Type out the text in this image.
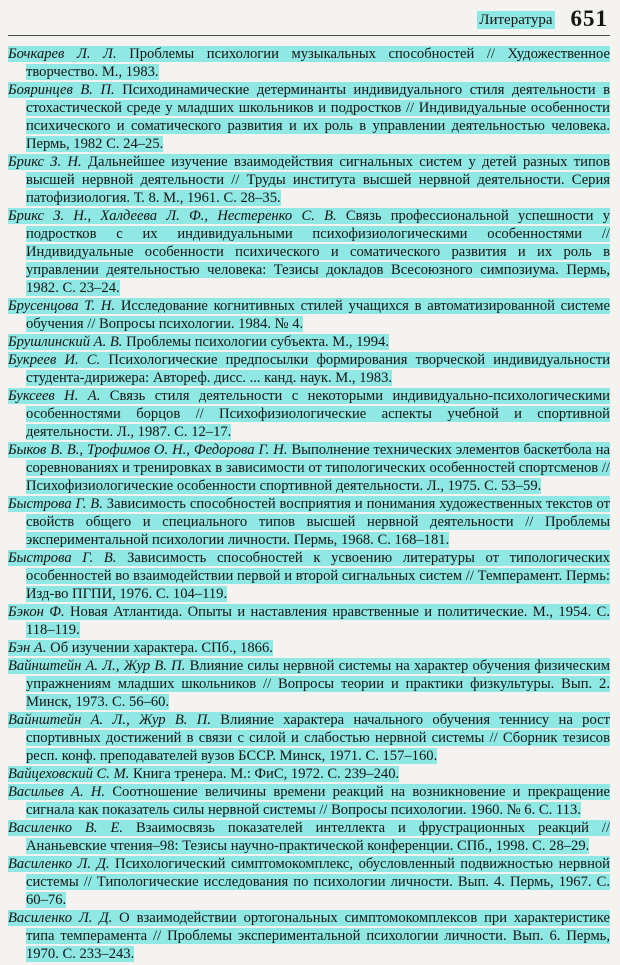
Литература 651

Бочкарев Л. Л. Проблемы психологии музыкальных способностей // Художественное творчество. М., 1983.

Бояринцев В. П. Психодинамические детерминанты индивидуального стиля деятельности в стохастической среде у младших школьников и подростков // Индивидуальные особенности психического и соматического развития и их роль в управлении деятельностью человека. Пермь, 1982 С. 24–25.

Брикс З. Н. Дальнейшее изучение взаимодействия сигнальных систем у детей разных типов высшей нервной деятельности // Труды института высшей нервной деятельности. Серия патофизиология. Т. 8. М., 1961. С. 28–35.

Брикс З. Н., Халдеева Л. Ф., Нестеренко С. В. Связь профессиональной успешности у подростков с их индивидуальными психофизиологическими особенностями // Индивидуальные особенности психического и соматического развития и их роль в управлении деятельностью человека: Тезисы докладов Всесоюзного симпозиума. Пермь, 1982. С. 23–24.

Брусенцова Т. Н. Исследование когнитивных стилей учащихся в автоматизированной системе обучения // Вопросы психологии. 1984. № 4.

Брушлинский А. В. Проблемы психологии субъекта. М., 1994.

Букреев И. С. Психологические предпосылки формирования творческой индивидуальности студента-дирижера: Автореф. дисс. ... канд. наук. М., 1983.

Буксеев Н. А. Связь стиля деятельности с некоторыми индивидуально-психологическими особенностями борцов // Психофизиологические аспекты учебной и спортивной деятельности. Л., 1987. С. 12–17.

Быков В. В., Трофимов О. Н., Федорова Г. Н. Выполнение технических элементов баскетбола на соревнованиях и тренировках в зависимости от типологических особенностей спортсменов // Психофизиологические особенности спортивной деятельности. Л., 1975. С. 53–59.

Быстрова Г. В. Зависимость способностей восприятия и понимания художественных текстов от свойств общего и специального типов высшей нервной деятельности // Проблемы экспериментальной психологии личности. Пермь, 1968. С. 168–181.

Быстрова Г. В. Зависимость способностей к усвоению литературы от типологических особенностей во взаимодействии первой и второй сигнальных систем // Темперамент. Пермь: Изд-во ПГПИ, 1976. С. 104–119.

Бэкон Ф. Новая Атлантида. Опыты и наставления нравственные и политические. М., 1954. С. 118–119.

Бэн А. Об изучении характера. СПб., 1866.

Вайнштейн А. Л., Жур В. П. Влияние силы нервной системы на характер обучения физическим упражнениям младших школьников // Вопросы теории и практики физкультуры. Вып. 2. Минск, 1973. С. 56–60.

Вайнштейн А. Л., Жур В. П. Влияние характера начального обучения теннису на рост спортивных достижений в связи с силой и слабостью нервной системы // Сборник тезисов респ. конф. преподавателей вузов БССР. Минск, 1971. С. 157–160.

Вайцеховский С. М. Книга тренера. М.: ФиС, 1972. С. 239–240.

Васильев А. Н. Соотношение величины времени реакций на возникновение и прекращение сигнала как показатель силы нервной системы // Вопросы психологии. 1960. № 6. С. 113.

Василенко В. Е. Взаимосвязь показателей интеллекта и фрустрационных реакций // Ананьевские чтения–98: Тезисы научно-практической конференции. СПб., 1998. С. 28–29.

Василенко Л. Д. Психологический симптомокомплекс, обусловленный подвижностью нервной системы // Типологические исследования по психологии личности. Вып. 4. Пермь, 1967. С. 60–76.

Василенко Л. Д. О взаимодействии ортогональных симптомокомплексов при характеристике типа темперамента // Проблемы экспериментальной психологии личности. Вып. 6. Пермь, 1970. С. 233–243.
